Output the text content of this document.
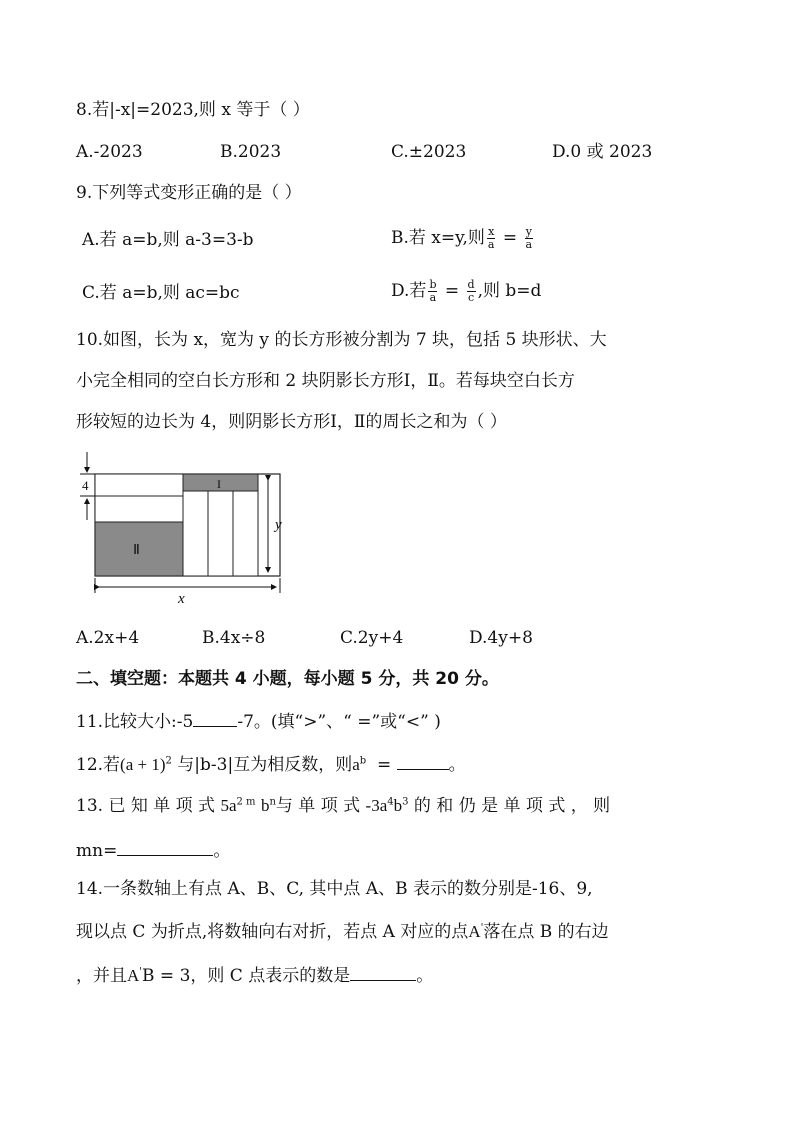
8.若|-x|=2023,则 x 等于（ ）
A.-2023	B.2023	C.±2023	D.0 或 2023
9.下列等式变形正确的是（ ）
A.若 a=b,则 a-3=3-b	B.若 x=y,则 $\frac{x}{a} = \frac{y}{a}$
C.若 a=b,则 ac=bc	D.若 $\frac{b}{a} = \frac{d}{c}$ ,则 b=d
10.如图，长为 x，宽为 y 的长方形被分割为 7 块，包括 5 块形状、大
小完全相同的空白长方形和 2 块阴影长方形Ⅰ，Ⅱ。若每块空白长方
形较短的边长为 4，则阴影长方形Ⅰ，Ⅱ的周长之和为（ ）
4
y
x
I
Ⅱ
A.2x+4	B.4x÷8	C.2y+4	D.4y+8
二、填空题：本题共 4 小题，每小题 5 分，共 20 分。
11.比较大小:-5	-7。(填“>”、“ =”或“<” )
12.若$(a + 1)^2$ 与|b-3|互为相反数，则$a^b$ =	。
13. 已 知 单 项 式 $5a^{2 m}$ $b^n$与 单 项 式 $-3a^4b^3$ 的 和 仍 是 单 项 式 ， 则
mn=	。
14.一条数轴上有点 A、B、C, 其中点 A、B 表示的数分别是-16、9,
现以点 C 为折点,将数轴向右对折，若点 A 对应的点A'落在点 B 的右边
，并且A'B = 3，则 C 点表示的数是	。
